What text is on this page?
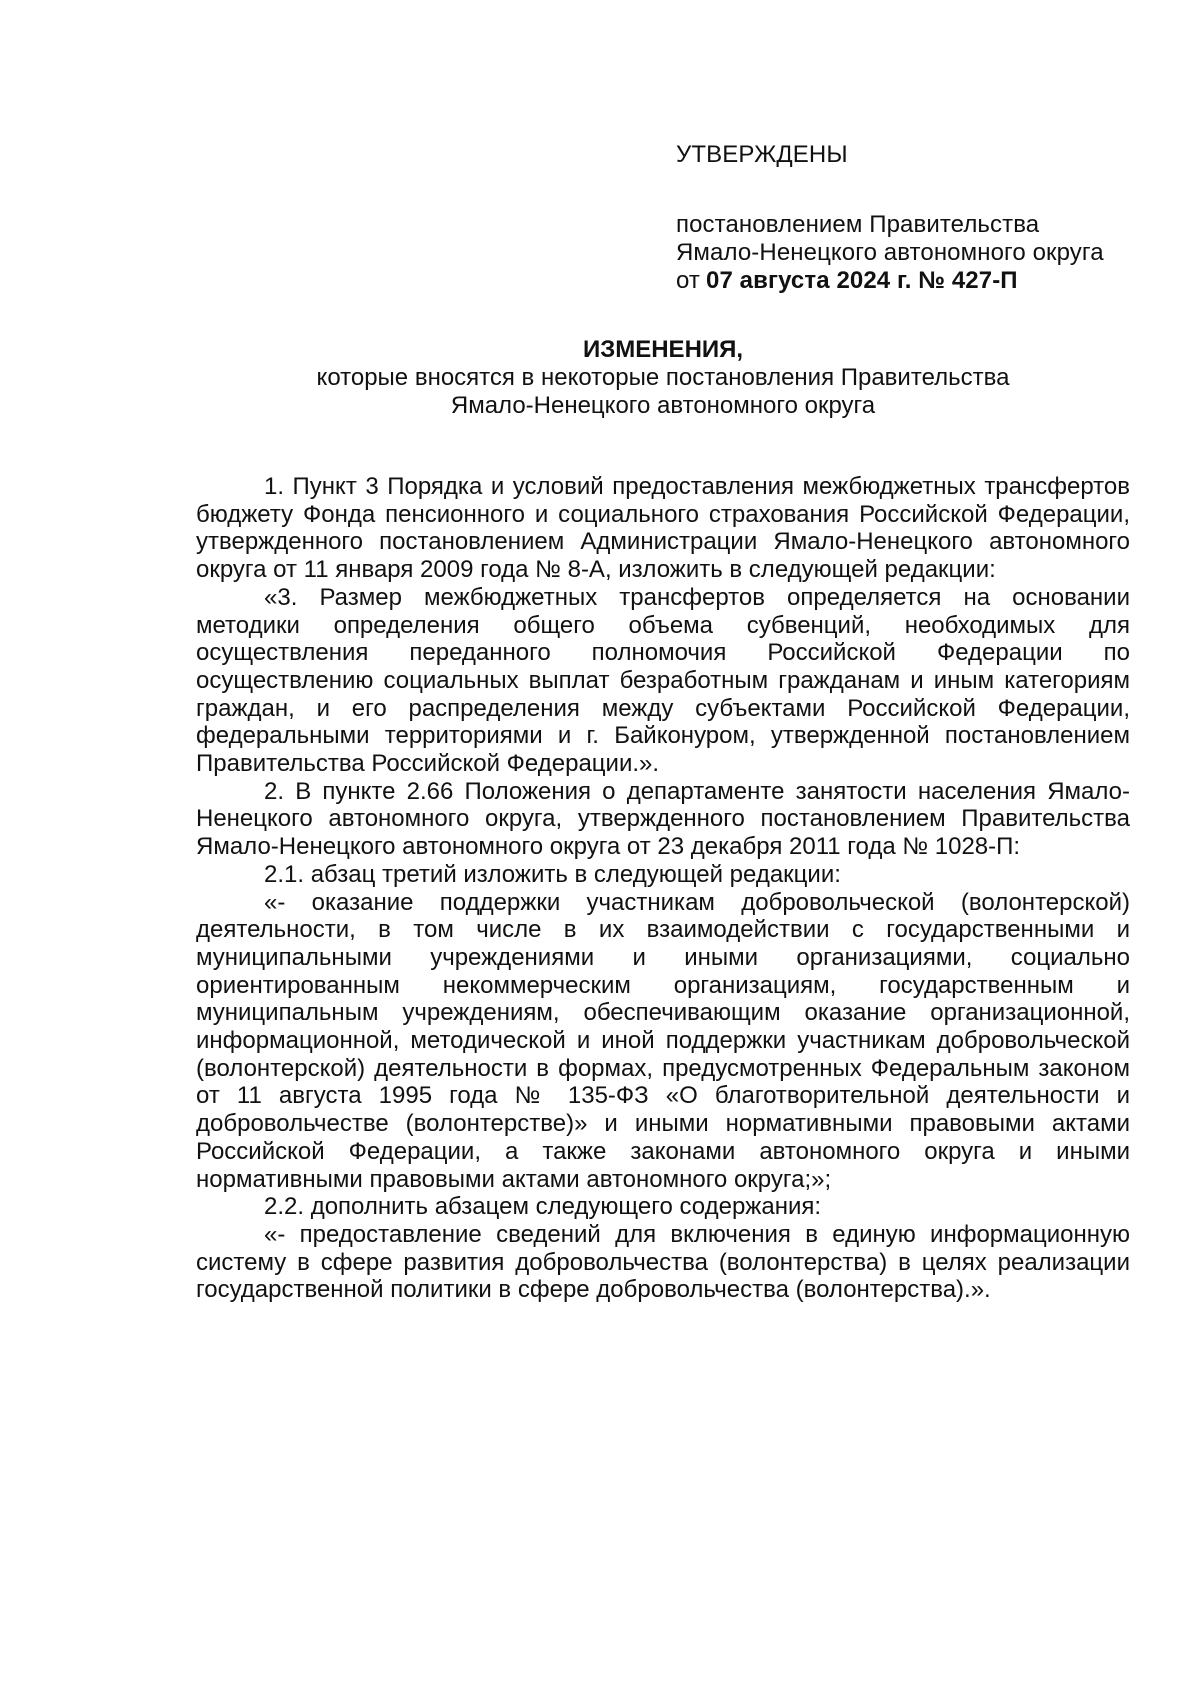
УТВЕРЖДЕНЫ
постановлением Правительства
Ямало-Ненецкого автономного округа
от 07 августа 2024 г. № 427-П
ИЗМЕНЕНИЯ,
которые вносятся в некоторые постановления Правительства
Ямало-Ненецкого автономного округа

1. Пункт 3 Порядка и условий предоставления межбюджетных трансфертов бюджету Фонда пенсионного и социального страхования Российской Федерации, утвержденного постановлением Администрации Ямало-Ненецкого автономного округа от 11 января 2009 года № 8-А, изложить в следующей редакции:

«3. Размер межбюджетных трансфертов определяется на основании методики определения общего объема субвенций, необходимых для осуществления переданного полномочия Российской Федерации по осуществлению социальных выплат безработным гражданам и иным категориям граждан, и его распределения между субъектами Российской Федерации, федеральными территориями и г. Байконуром, утвержденной постановлением Правительства Российской Федерации.».

2. В пункте 2.66 Положения о департаменте занятости населения Ямало-Ненецкого автономного округа, утвержденного постановлением Правительства Ямало-Ненецкого автономного округа от 23 декабря 2011 года № 1028-П:

2.1. абзац третий изложить в следующей редакции:

«- оказание поддержки участникам добровольческой (волонтерской) деятельности, в том числе в их взаимодействии с государственными и муниципальными учреждениями и иными организациями, социально ориентированным некоммерческим организациям, государственным и муниципальным учреждениям, обеспечивающим оказание организационной, информационной, методической и иной поддержки участникам добровольческой (волонтерской) деятельности в формах, предусмотренных Федеральным законом от 11 августа 1995 года № 135-ФЗ «О благотворительной деятельности и добровольчестве (волонтерстве)» и иными нормативными правовыми актами Российской Федерации, а также законами автономного округа и иными нормативными правовыми актами автономного округа;»;

2.2. дополнить абзацем следующего содержания:

«- предоставление сведений для включения в единую информационную систему в сфере развития добровольчества (волонтерства) в целях реализации государственной политики в сфере добровольчества (волонтерства).».
